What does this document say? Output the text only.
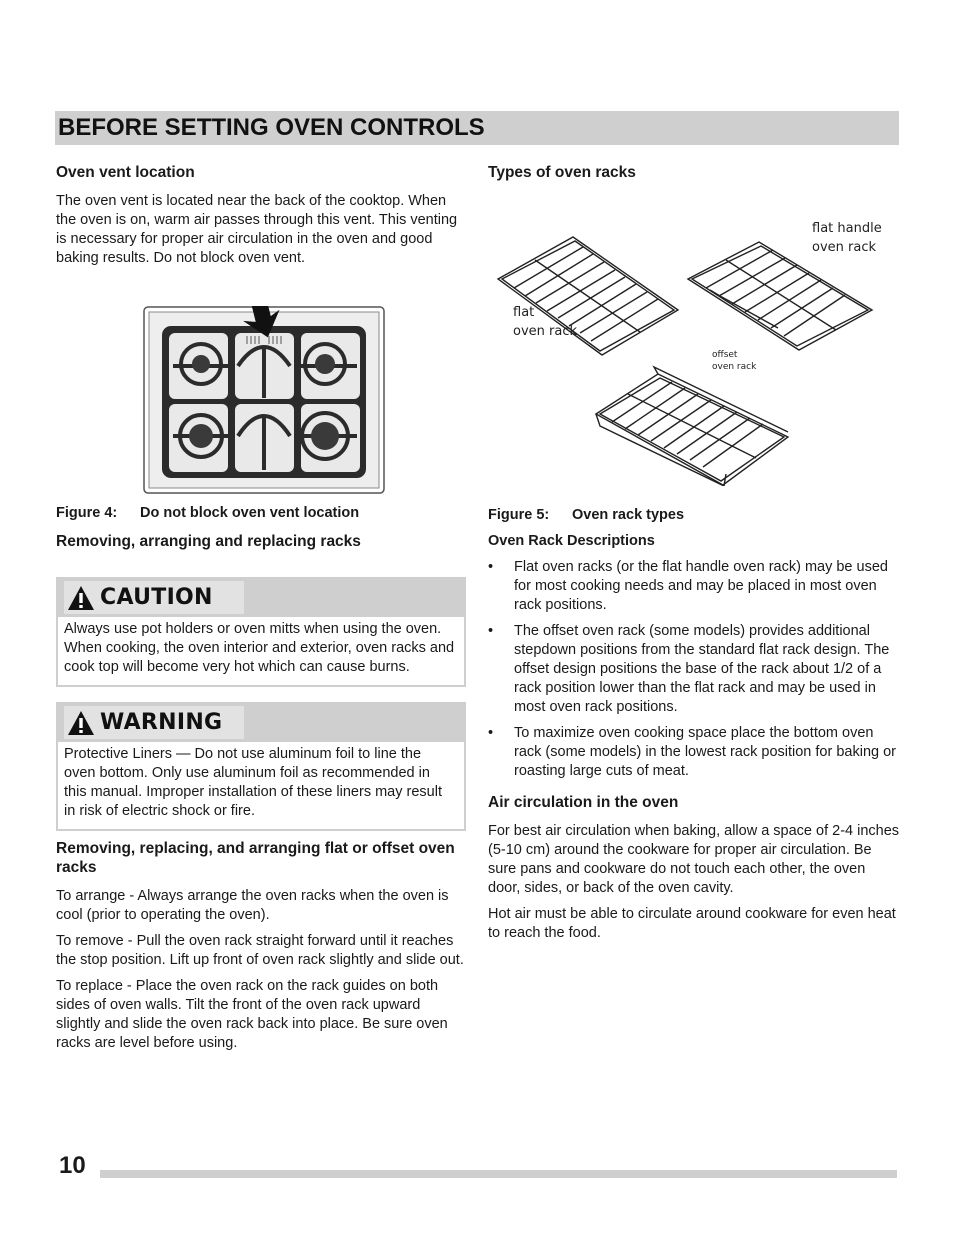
BEFORE SETTING OVEN CONTROLS
Oven vent location

The oven vent is located near the back of the cooktop. When the oven is on, warm air passes through this vent. This venting is necessary for proper air circulation in the oven and good baking results. Do not block oven vent.

Figure 4: Do not block oven vent location
Removing, arranging and replacing racks
CAUTION
Always use pot holders or oven mitts when using the oven. When cooking, the oven interior and exterior, oven racks and cook top will become very hot which can cause burns.
WARNING
Protective Liners — Do not use aluminum foil to line the oven bottom. Only use aluminum foil as recommended in this manual. Improper installation of these liners may result in risk of electric shock or fire.
Removing, replacing, and arranging flat or offset oven racks

To arrange - Always arrange the oven racks when the oven is cool (prior to operating the oven).

To remove - Pull the oven rack straight forward until it reaches the stop position. Lift up front of oven rack slightly and slide out.

To replace - Place the oven rack on the rack guides on both sides of oven walls. Tilt the front of the oven rack upward slightly and slide the oven rack back into place. Be sure oven racks are level before using.

Types of oven racks
flat
oven rack
flat handle
oven rack
offset
oven rack
Figure 5: Oven rack types
Oven Rack Descriptions
• Flat oven racks (or the flat handle oven rack) may be used for most cooking needs and may be placed in most oven rack positions.
• The offset oven rack (some models) provides additional stepdown positions from the standard flat rack design. The offset design positions the base of the rack about 1/2 of a rack position lower than the flat rack and may be used in most oven rack positions.
• To maximize oven cooking space place the bottom oven rack (some models) in the lowest rack position for baking or roasting large cuts of meat.
Air circulation in the oven

For best air circulation when baking, allow a space of 2-4 inches (5-10 cm) around the cookware for proper air circulation. Be sure pans and cookware do not touch each other, the oven door, sides, or back of the oven cavity.

Hot air must be able to circulate around cookware for even heat to reach the food.

10
